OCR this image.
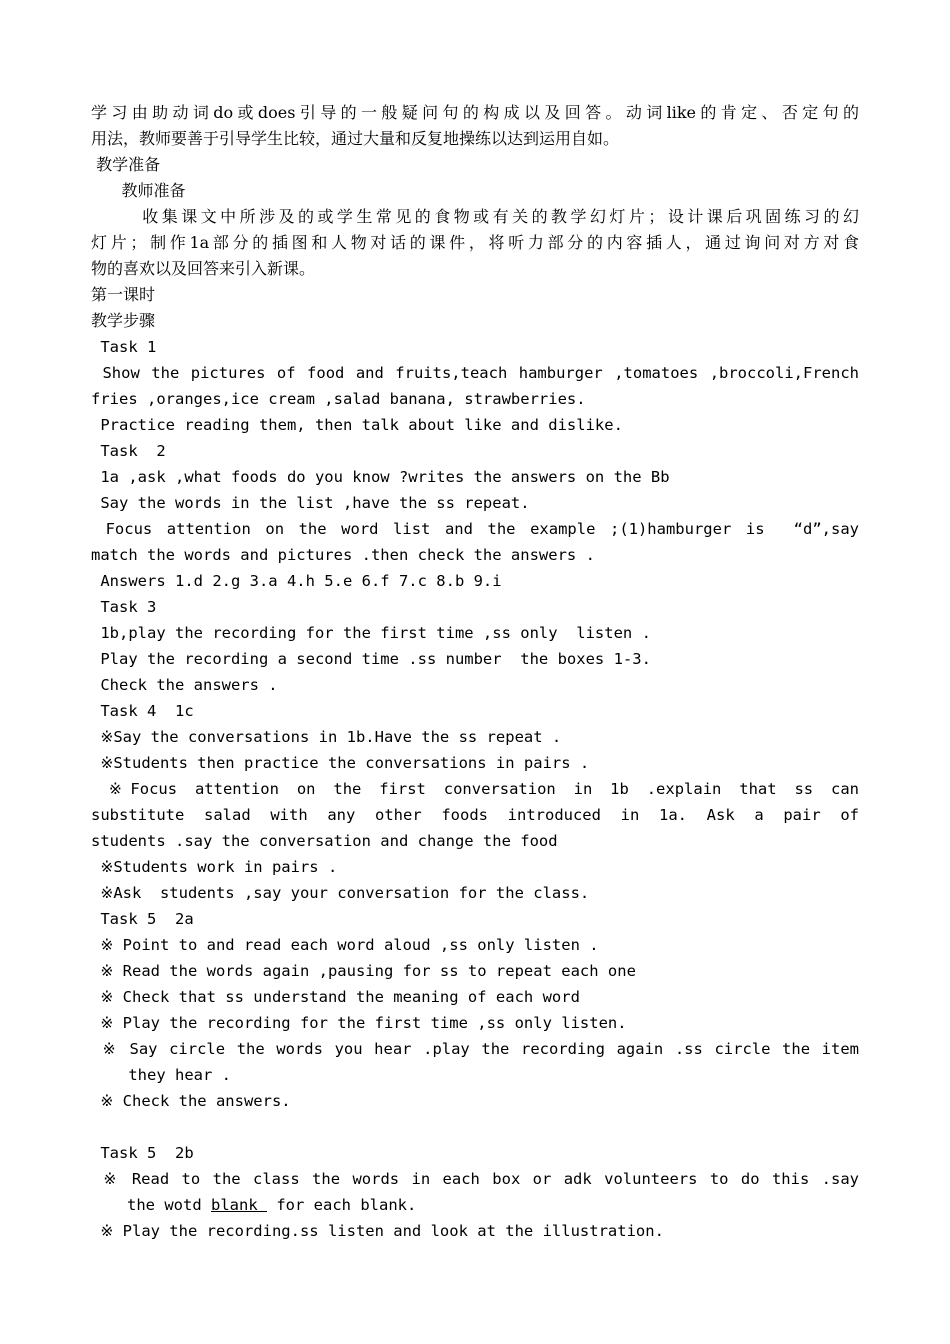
学习由助动词do或does引导的一般疑问句的构成以及回答。动词like的肯定、否定句的
用法，教师要善于引导学生比较，通过大量和反复地操练以达到运用自如。
教学准备
教师准备
收集课文中所涉及的或学生常见的食物或有关的教学幻灯片；设计课后巩固练习的幻
灯片；制作1a部分的插图和人物对话的课件，将听力部分的内容插人，通过询问对方对食
物的喜欢以及回答来引入新课。
第一课时
教学步骤
Task 1
Show the pictures of food and fruits,teach hamburger ,tomatoes ,broccoli,French
fries ,oranges,ice cream ,salad banana, strawberries.
Practice reading them, then talk about like and dislike.
Task  2
1a ,ask ,what foods do you know ?writes the answers on the Bb
Say the words in the list ,have the ss repeat.
Focus attention on the word list and the example ;(1)hamburger is  “d”,say
match the words and pictures .then check the answers .
Answers 1.d 2.g 3.a 4.h 5.e 6.f 7.c 8.b 9.i
Task 3
1b,play the recording for the first time ,ss only  listen .
Play the recording a second time .ss number  the boxes 1-3.
Check the answers .
Task 4  1c
※Say the conversations in 1b.Have the ss repeat .
※Students then practice the conversations in pairs .
※Focus attention on the first conversation in 1b .explain that ss can
substitute salad with any other foods introduced in 1a. Ask a pair of
students .say the conversation and change the food
※Students work in pairs .
※Ask  students ,say your conversation for the class.
Task 5  2a
※ Point to and read each word aloud ,ss only listen .
※ Read the words again ,pausing for ss to repeat each one
※ Check that ss understand the meaning of each word
※ Play the recording for the first time ,ss only listen.
※ Say circle the words you hear .play the recording again .ss circle the item
they hear .
※ Check the answers.
Task 5  2b
※ Read to the class the words in each box or adk volunteers to do this .say
the wotd blank  for each blank.
※ Play the recording.ss listen and look at the illustration.
